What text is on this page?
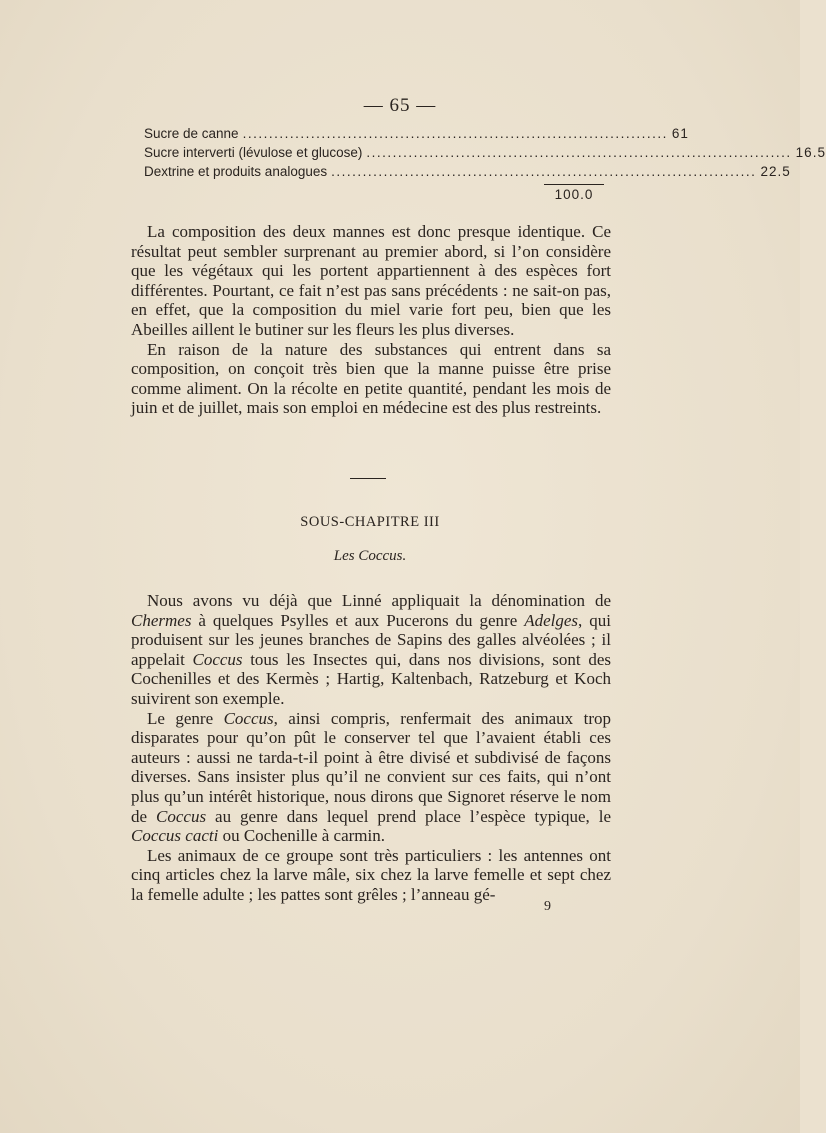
— 65 —
Sucre de canne ................................................................................. 61
Sucre interverti (lévulose et glucose) ................................................................................. 16.5
Dextrine et produits analogues ................................................................................. 22.5
100.0

La composition des deux mannes est donc presque identique. Ce résultat peut sembler surprenant au premier abord, si l’on considère que les végétaux qui les portent appartiennent à des espèces fort différentes. Pourtant, ce fait n’est pas sans précédents : ne sait-on pas, en effet, que la composition du miel varie fort peu, bien que les Abeilles aillent le butiner sur les fleurs les plus diverses.

En raison de la nature des substances qui entrent dans sa composition, on conçoit très bien que la manne puisse être prise comme aliment. On la récolte en petite quantité, pendant les mois de juin et de juillet, mais son emploi en médecine est des plus restreints.

SOUS-CHAPITRE III
Les Coccus.

Nous avons vu déjà que Linné appliquait la dénomination de Chermes à quelques Psylles et aux Pucerons du genre Adelges, qui produisent sur les jeunes branches de Sapins des galles alvéolées ; il appelait Coccus tous les Insectes qui, dans nos divisions, sont des Cochenilles et des Kermès ; Hartig, Kaltenbach, Ratzeburg et Koch suivirent son exemple.

Le genre Coccus, ainsi compris, renfermait des animaux trop disparates pour qu’on pût le conserver tel que l’avaient établi ces auteurs : aussi ne tarda-t-il point à être divisé et subdivisé de façons diverses. Sans insister plus qu’il ne convient sur ces faits, qui n’ont plus qu’un intérêt historique, nous dirons que Signoret réserve le nom de Coccus au genre dans lequel prend place l’espèce typique, le Coccus cacti ou Cochenille à carmin.

Les animaux de ce groupe sont très particuliers : les antennes ont cinq articles chez la larve mâle, six chez la larve femelle et sept chez la femelle adulte ; les pattes sont grêles ; l’anneau gé-

9
